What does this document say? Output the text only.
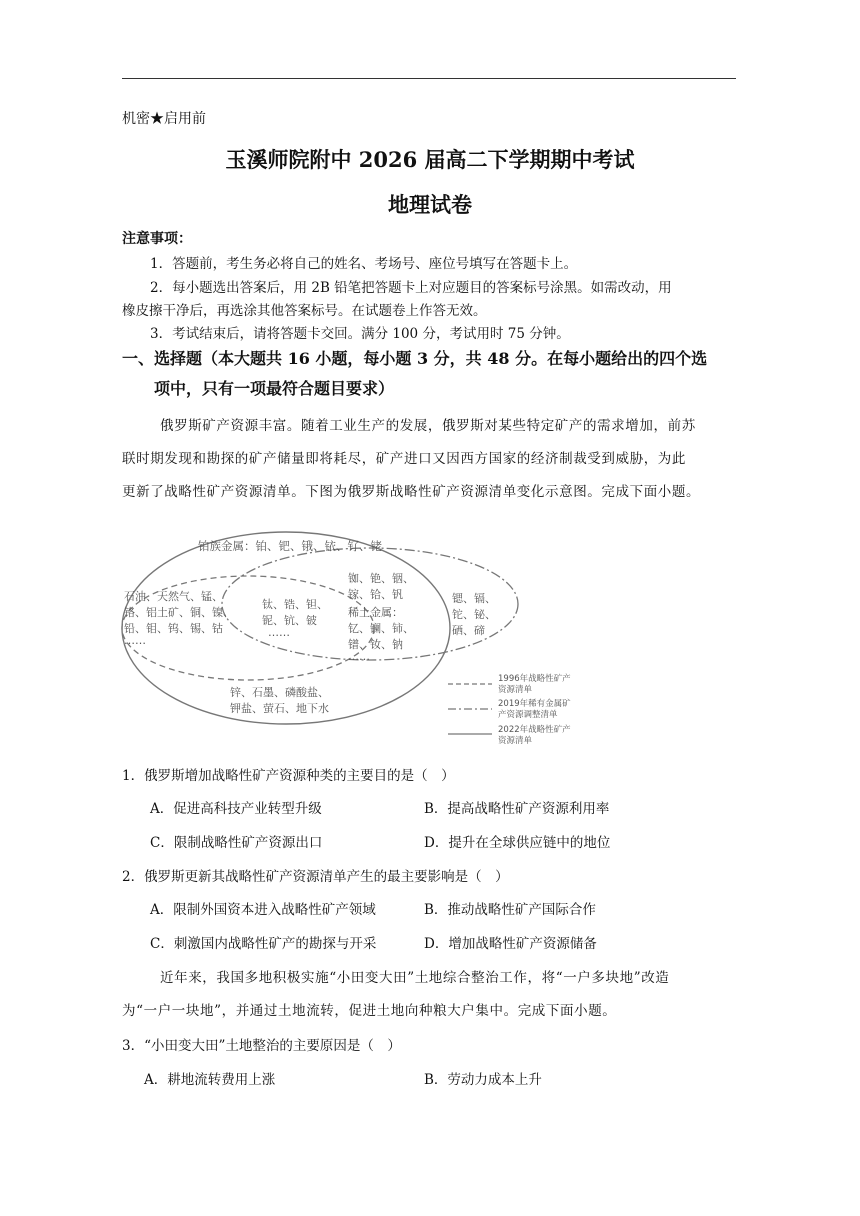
机密★启用前
玉溪师院附中 2026 届高二下学期期中考试
地理试卷
注意事项：
1．答题前，考生务必将自己的姓名、考场号、座位号填写在答题卡上。
2．每小题选出答案后，用 2B 铅笔把答题卡上对应题目的答案标号涂黑。如需改动，用
橡皮擦干净后，再选涂其他答案标号。在试题卷上作答无效。
3．考试结束后，请将答题卡交回。满分 100 分，考试用时 75 分钟。
一、选择题（本大题共 16 小题，每小题 3 分，共 48 分。在每小题给出的四个选
项中，只有一项最符合题目要求）
俄罗斯矿产资源丰富。随着工业生产的发展，俄罗斯对某些特定矿产的需求增加，前苏
联时期发现和勘探的矿产储量即将耗尽，矿产进口又因西方国家的经济制裁受到威胁，为此
更新了战略性矿产资源清单。下图为俄罗斯战略性矿产资源清单变化示意图。完成下面小题。
铂族金属：铂、钯、锇、铱、钌、铑
石油、天然气、锰、
铬、铝土矿、铜、镍、
铅、钼、钨、锡、钴
……
钛、锆、钽、
铌、钪、铍
……
铷、铯、铟、
镓、铪、钒
稀土金属：
钇、镧、铈、
镨、钕、钠
……
锶、镉、
铊、铋、
硒、碲
锌、石墨、磷酸盐、
钾盐、萤石、地下水
1996年战略性矿产
资源清单
2019年稀有金属矿
产资源调整清单
2022年战略性矿产
资源清单
1．俄罗斯增加战略性矿产资源种类的主要目的是（　）
A．促进高科技产业转型升级	B．提高战略性矿产资源利用率
C．限制战略性矿产资源出口	D．提升在全球供应链中的地位
2．俄罗斯更新其战略性矿产资源清单产生的最主要影响是（　）
A．限制外国资本进入战略性矿产领域	B．推动战略性矿产国际合作
C．刺激国内战略性矿产的勘探与开采	D．增加战略性矿产资源储备
近年来，我国多地积极实施“小田变大田”土地综合整治工作，将“一户多块地”改造
为“一户一块地”，并通过土地流转，促进土地向种粮大户集中。完成下面小题。
3．“小田变大田”土地整治的主要原因是（　）
A．耕地流转费用上涨	B．劳动力成本上升
